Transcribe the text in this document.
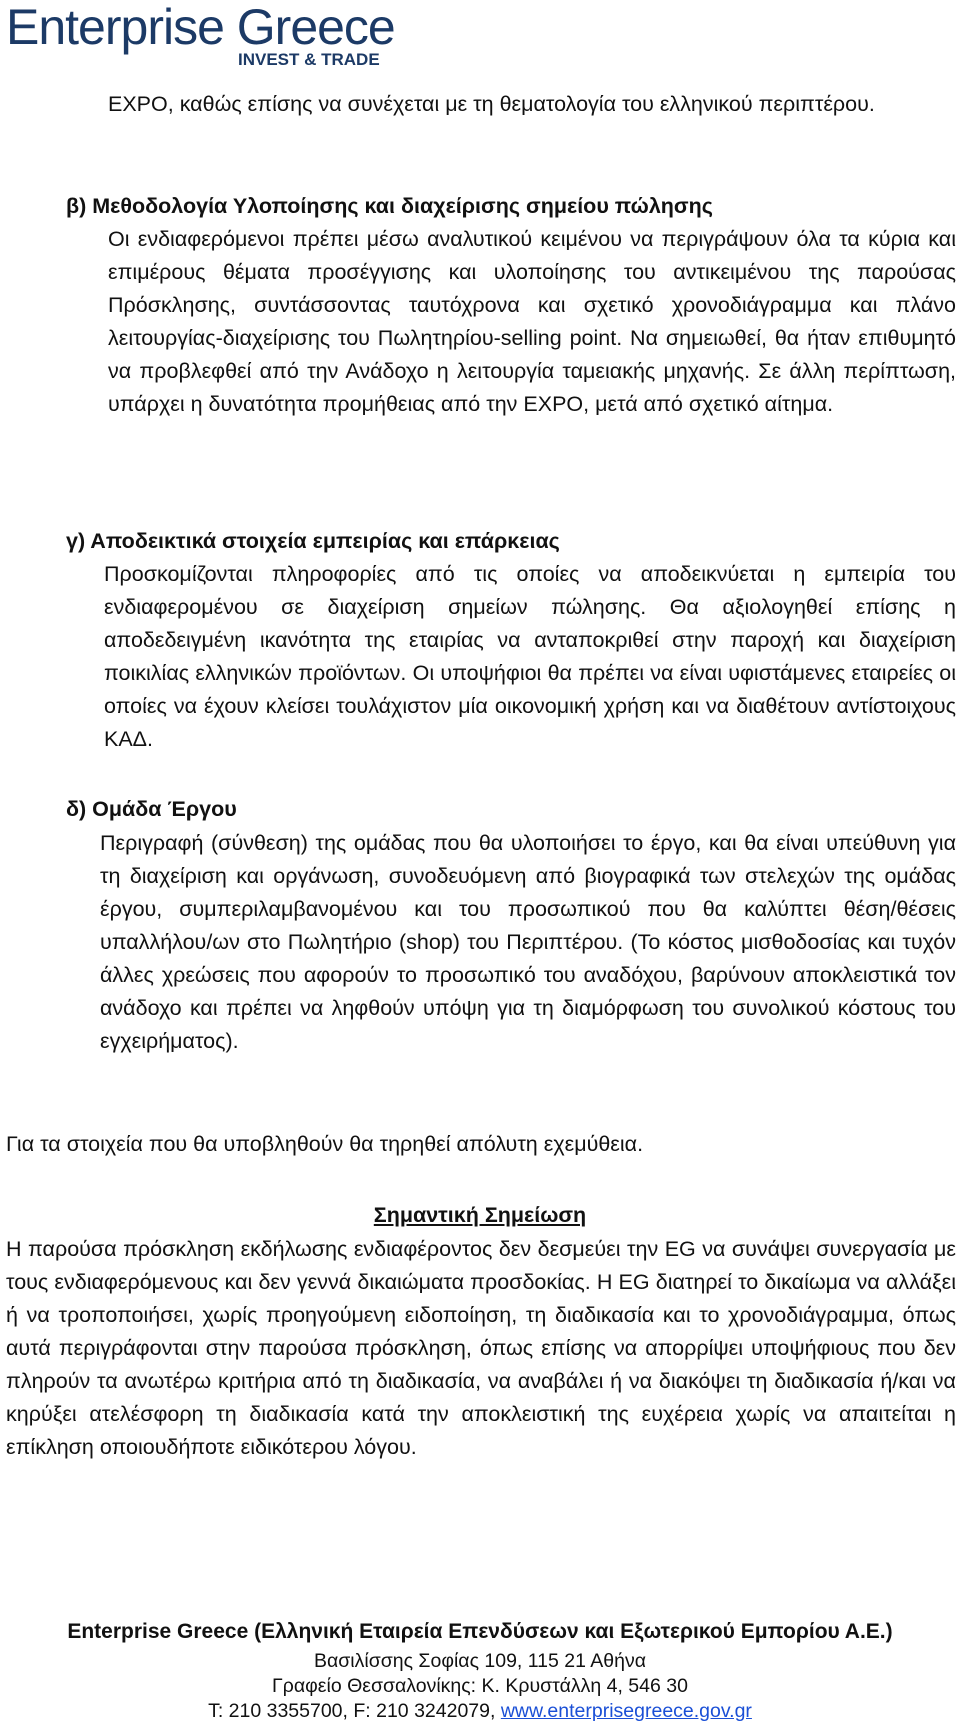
Enterprise Greece
INVEST & TRADE

EXPO, καθώς επίσης να συνέχεται με τη θεματολογία του ελληνικού περιπτέρου.

β) Μεθοδολογία Υλοποίησης και διαχείρισης σημείου πώλησης

Οι ενδιαφερόμενοι πρέπει μέσω αναλυτικού κειμένου να περιγράψουν όλα τα κύρια και επιμέρους θέματα προσέγγισης και υλοποίησης του αντικειμένου της παρούσας Πρόσκλησης, συντάσσοντας ταυτόχρονα και σχετικό χρονοδιάγραμμα και πλάνο λειτουργίας-διαχείρισης του Πωλητηρίου-selling point. Να σημειωθεί, θα ήταν επιθυμητό να προβλεφθεί από την Ανάδοχο η λειτουργία ταμειακής μηχανής. Σε άλλη περίπτωση, υπάρχει η δυνατότητα προμήθειας από την EXPO, μετά από σχετικό αίτημα.

γ) Αποδεικτικά στοιχεία εμπειρίας και επάρκειας

Προσκομίζονται πληροφορίες από τις οποίες να αποδεικνύεται η εμπειρία του ενδιαφερομένου σε διαχείριση σημείων πώλησης. Θα αξιολογηθεί επίσης η αποδεδειγμένη ικανότητα της εταιρίας να ανταποκριθεί στην παροχή και διαχείριση ποικιλίας ελληνικών προϊόντων. Οι υποψήφιοι θα πρέπει να είναι υφιστάμενες εταιρείες οι οποίες να έχουν κλείσει τουλάχιστον μία οικονομική χρήση και να διαθέτουν αντίστοιχους ΚΑΔ.

δ) Ομάδα Έργου

Περιγραφή (σύνθεση) της ομάδας που θα υλοποιήσει το έργο, και θα είναι υπεύθυνη για τη διαχείριση και οργάνωση, συνοδευόμενη από βιογραφικά των στελεχών της ομάδας έργου, συμπεριλαμβανομένου και του προσωπικού που θα καλύπτει θέση/θέσεις υπαλλήλου/ων στο Πωλητήριο (shop) του Περιπτέρου. (Το κόστος μισθοδοσίας και τυχόν άλλες χρεώσεις που αφορούν το προσωπικό του αναδόχου, βαρύνουν αποκλειστικά τον ανάδοχο και πρέπει να ληφθούν υπόψη για τη διαμόρφωση του συνολικού κόστους του εγχειρήματος).

Για τα στοιχεία που θα υποβληθούν θα τηρηθεί απόλυτη εχεμύθεια.

Σημαντική Σημείωση

Η παρούσα πρόσκληση εκδήλωσης ενδιαφέροντος δεν δεσμεύει την EG να συνάψει συνεργασία με τους ενδιαφερόμενους και δεν γεννά δικαιώματα προσδοκίας. Η EG διατηρεί το δικαίωμα να αλλάξει ή να τροποποιήσει, χωρίς προηγούμενη ειδοποίηση, τη διαδικασία και το χρονοδιάγραμμα, όπως αυτά περιγράφονται στην παρούσα πρόσκληση, όπως επίσης να απορρίψει υποψήφιους που δεν πληρούν τα ανωτέρω κριτήρια από τη διαδικασία, να αναβάλει ή να διακόψει τη διαδικασία ή/και να κηρύξει ατελέσφορη τη διαδικασία κατά την αποκλειστική της ευχέρεια χωρίς να απαιτείται η επίκληση οποιουδήποτε ειδικότερου λόγου.

Enterprise Greece (Ελληνική Εταιρεία Επενδύσεων και Εξωτερικού Εμπορίου Α.Ε.)
Βασιλίσσης Σοφίας 109, 115 21 Αθήνα
Γραφείο Θεσσαλονίκης: Κ. Κρυστάλλη 4, 546 30
T: 210 3355700, F: 210 3242079, www.enterprisegreece.gov.gr
